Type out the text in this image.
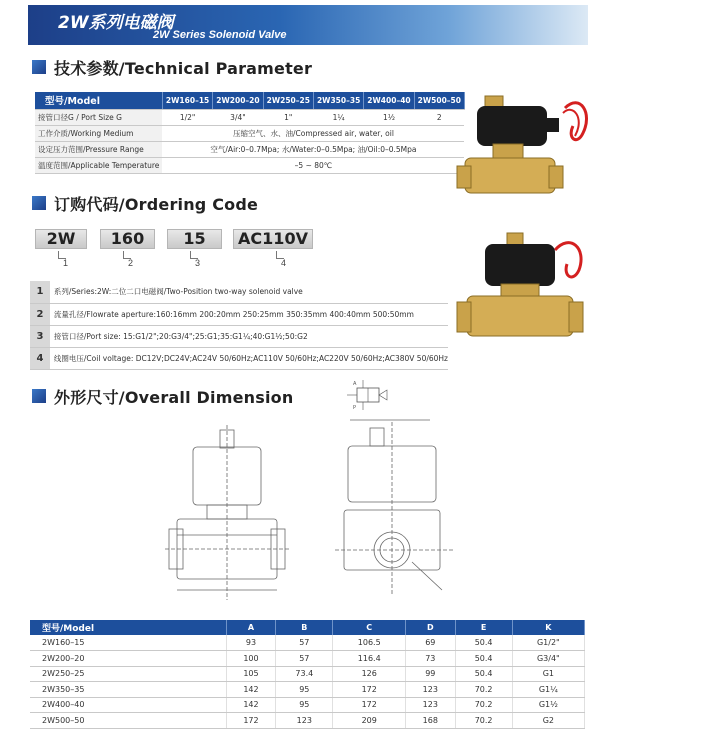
2W系列电磁阀
2W Series Solenoid Valve
技术参数/Technical Parameter
型号/Model	2W160–15	2W200–20	2W250–25	2W350–35	2W400–40	2W500–50
接管口径G / Port Size G	1/2"	3/4"	1"	1¼	1½	2
工作介质/Working Medium	压缩空气、水、油/Compressed air, water, oil					
设定压力范围/Pressure Range	空气/Air:0–0.7Mpa; 水/Water:0–0.5Mpa; 油/Oil:0–0.5Mpa					
温度范围/Applicable Temperature	–5 ~ 80℃					
订购代码/Ordering Code
2W	160	15	AC110V
1	2	3	4
1	系列/Series:2W:二位二口电磁阀/Two-Position two-way solenoid valve
2	流量孔径/Flowrate aperture:160:16mm 200:20mm 250:25mm 350:35mm 400:40mm 500:50mm
3	接管口径/Port size: 15:G1/2";20:G3/4";25:G1;35:G1¼;40:G1½;50:G2
4	线圈电压/Coil voltage: DC12V;DC24V;AC24V 50/60Hz;AC110V 50/60Hz;AC220V 50/60Hz;AC380V 50/60Hz
外形尺寸/Overall Dimension
A
P
型号/Model	A	B	C	D	E	K
2W160–15	93	57	106.5	69	50.4	G1/2"
2W200–20	100	57	116.4	73	50.4	G3/4"
2W250–25	105	73.4	126	99	50.4	G1
2W350–35	142	95	172	123	70.2	G1¼
2W400–40	142	95	172	123	70.2	G1½
2W500–50	172	123	209	168	70.2	G2
